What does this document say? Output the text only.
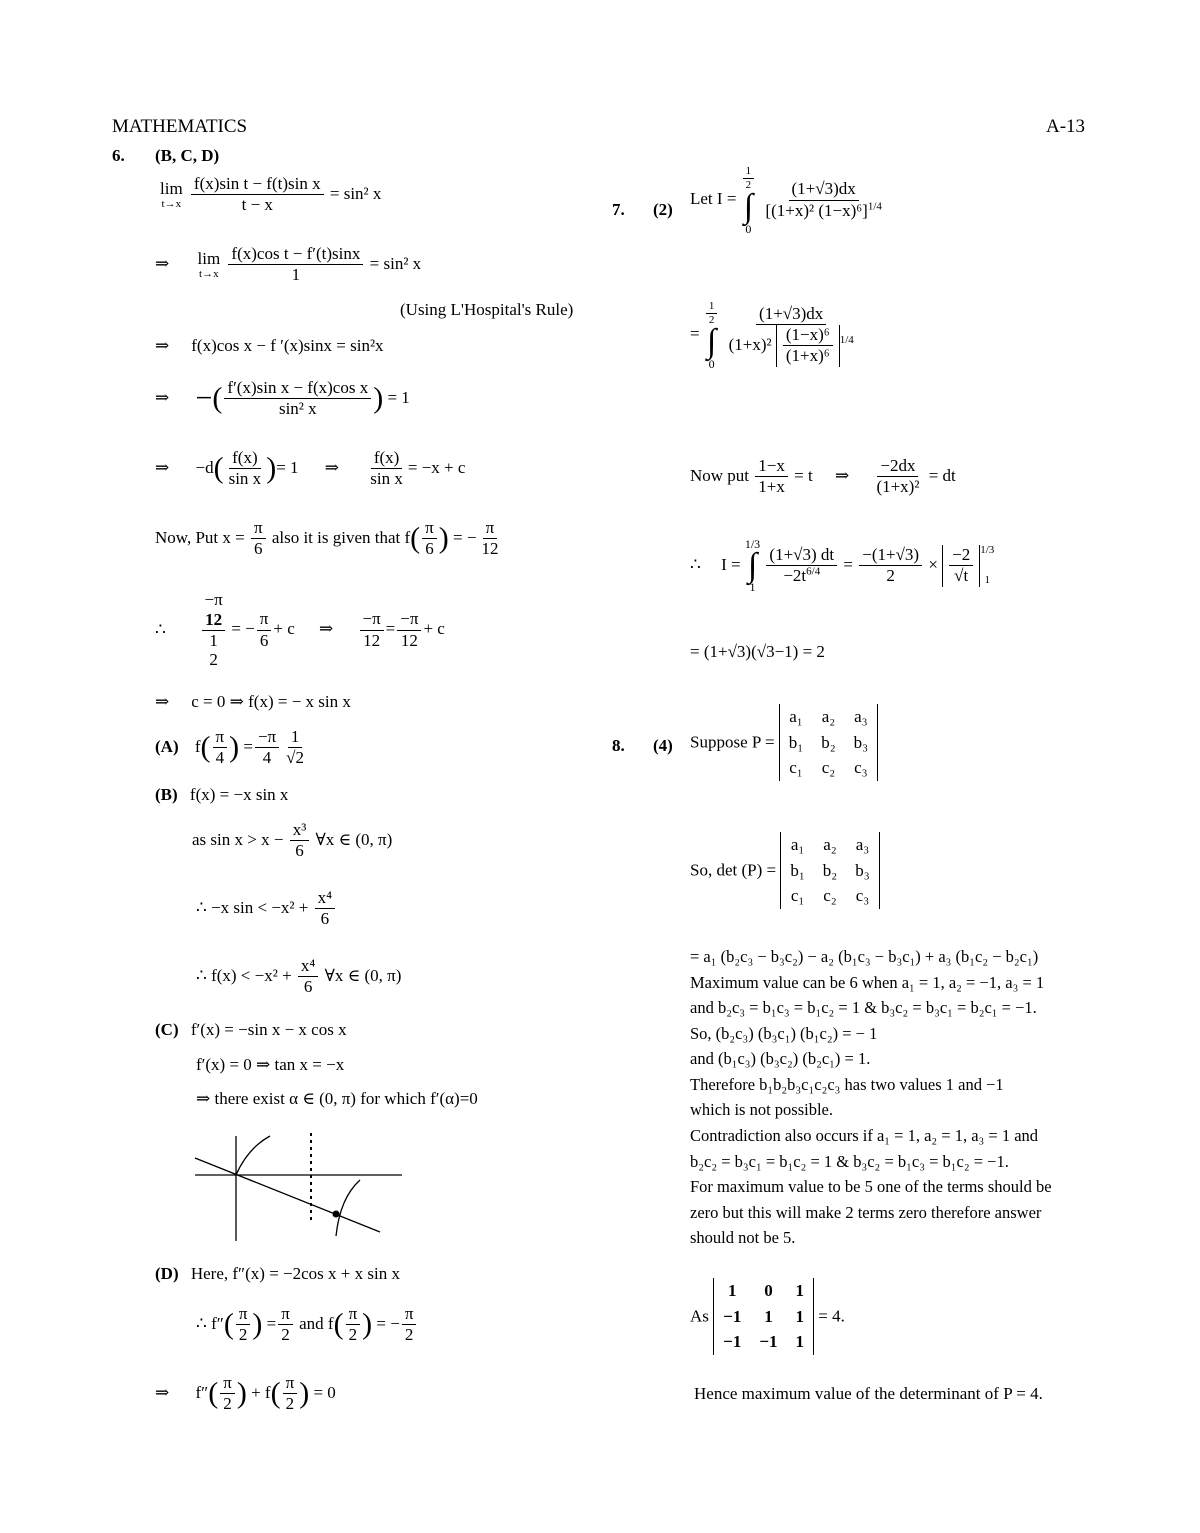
MATHEMATICS	A-13
6. (B, C, D)
lim
t→x
$\frac{\text{f(x)sin t − f(t)sin x}}{t - x} = \sin^2$ x
⇒ lim
t→x
$\frac{\text{f(x)cos t − f′(t)sinx}}{1} = \sin^2$ x
(Using L'Hospital's Rule)
⇒ f(x)cos x − f ′(x)sinx = sin²x
⇒ −( $\frac{\text{f′(x)sin x − f(x)cos x}}{\text{sin² x}}$ ) = 1
⇒ $-d( \frac{f(x)}{\text{sin x}}$ )= 1 ⇒ $\frac{f(x)}{\text{sin x}} = -x + c$
Now, Put $x = \frac{\pi}{6}$ also it is given that $f( \frac{\pi}{6}$ ) = − $\frac{\pi}{12}$
∴
−π
12
1
2
= − $\frac{\pi}{6} + c$ ⇒ $\frac{-\pi}{12} = \frac{-\pi}{12} + c$
⇒ c = 0 ⇒ f(x) = − x sin x
(A) $f( \frac{\pi}{4}$ ) = $\frac{-\pi}{4} \frac{1}{√2}$
(B) f(x) = −x sin x
as $\sin x > x - \frac{\text{x³}}{6}$ ∀x ∈ (0, π)
∴ −x $\sin < -x^2 + \frac{\text{x⁴}}{6}$
∴ $f(x) < -x^2 + \frac{\text{x⁴}}{6}$ ∀x ∈ (0, π)
(C) f′(x) = −sin x − x cos x
f′(x) = 0 ⇒ tan x = −x
⇒ there exist α ∈ (0, π) for which f′(α)=0
(D) Here, f″(x) = −2cos x + x sin x
∴ $f''( \frac{\pi}{2}$ ) = $\frac{\pi}{2}$ and $f( \frac{\pi}{2}$ ) = − $\frac{\pi}{2}$
⇒ $f''( \frac{\pi}{2}$ ) + $f( \frac{\pi}{2}$ ) = 0
7. (2)
Let I =
$\frac{1}{2}$
∫
0

$\frac{(1+√3)dx}{[(1+x)^2 (1-x)^6]^{1/4}}$
=
$\frac{1}{2}$
∫
0
$\frac{(1+√3)dx}{(1+x)^2 \frac{\text{(1−x)⁶}}{\text{(1+x)⁶}} ^{1/4}}$
Now put $\frac{1-x}{1+x} = t$ ⇒ $\frac{-2dx}{\text{(1+x)²}}$ = dt
∴ I =
1/3
∫
1

$\frac{(1+√3) dt}{-2t^{6/4}} = \frac{-(1+√3)}{2} \times \frac{-2}{√t} 1/3$
1
= (1+√3)(√3−1) = 2
8. (4) Suppose P =
a₁	a₂	a₃
b₁	b₂	b₃
c₁	c₂	c₃
So, det (P) =
a₁	a₂	a₃
b₁	b₂	b₃
c₁	c₂	c₃
= a₁ (b₂c₃ − b₃c₂) − a₂ (b₁c₃ − b₃c₁) + a₃ (b₁c₂ − b₂c₁)
Maximum value can be 6 when a₁ = 1, a₂ = −1, a₃ = 1
and b₂c₃ = b₁c₃ = b₁c₂ = 1 & b₃c₂ = b₃c₁ = b₂c₁ = −1.
So, (b₂c₃) (b₃c₁) (b₁c₂) = − 1
and (b₁c₃) (b₃c₂) (b₂c₁) = 1.
Therefore b₁b₂b₃c₁c₂c₃ has two values 1 and −1
which is not possible.
Contradiction also occurs if a₁ = 1, a₂ = 1, a₃ = 1 and
b₂c₂ = b₃c₁ = b₁c₂ = 1 & b₃c₂ = b₁c₃ = b₁c₂ = −1.
For maximum value to be 5 one of the terms should be
zero but this will make 2 terms zero therefore answer
should not be 5.
As
1	0	1
−1	1	1
−1	−1	1
= 4.
Hence maximum value of the determinant of P = 4.
